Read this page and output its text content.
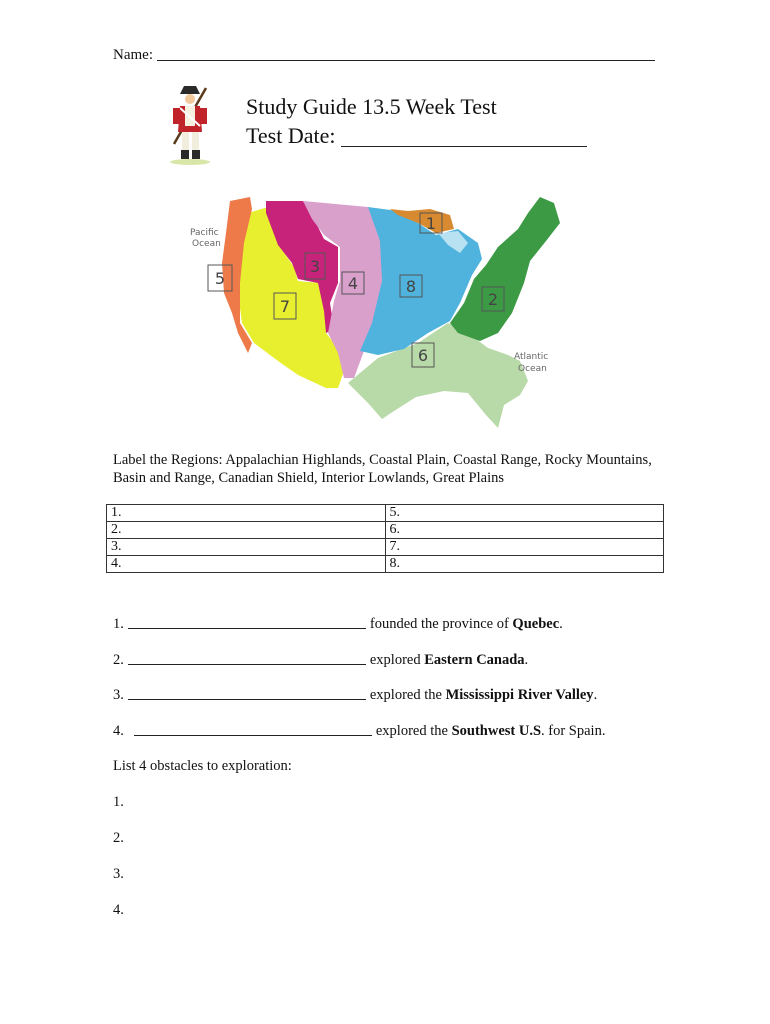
Name:
Study Guide 13.5 Week Test
Test Date:
1
2
3
4
5
6
7
8
Pacific
Ocean
Atlantic
Ocean
Label the Regions: Appalachian Highlands, Coastal Plain, Coastal Range, Rocky Mountains, Basin and Range, Canadian Shield, Interior Lowlands, Great Plains
1.	5.
2.	6.
3.	7.
4.	8.
1.	founded the province of Quebec.
2.	explored Eastern Canada.
3.	explored the Mississippi River Valley.
4.	explored the Southwest U.S. for Spain.
List 4 obstacles to exploration:
1.
2.
3.
4.
